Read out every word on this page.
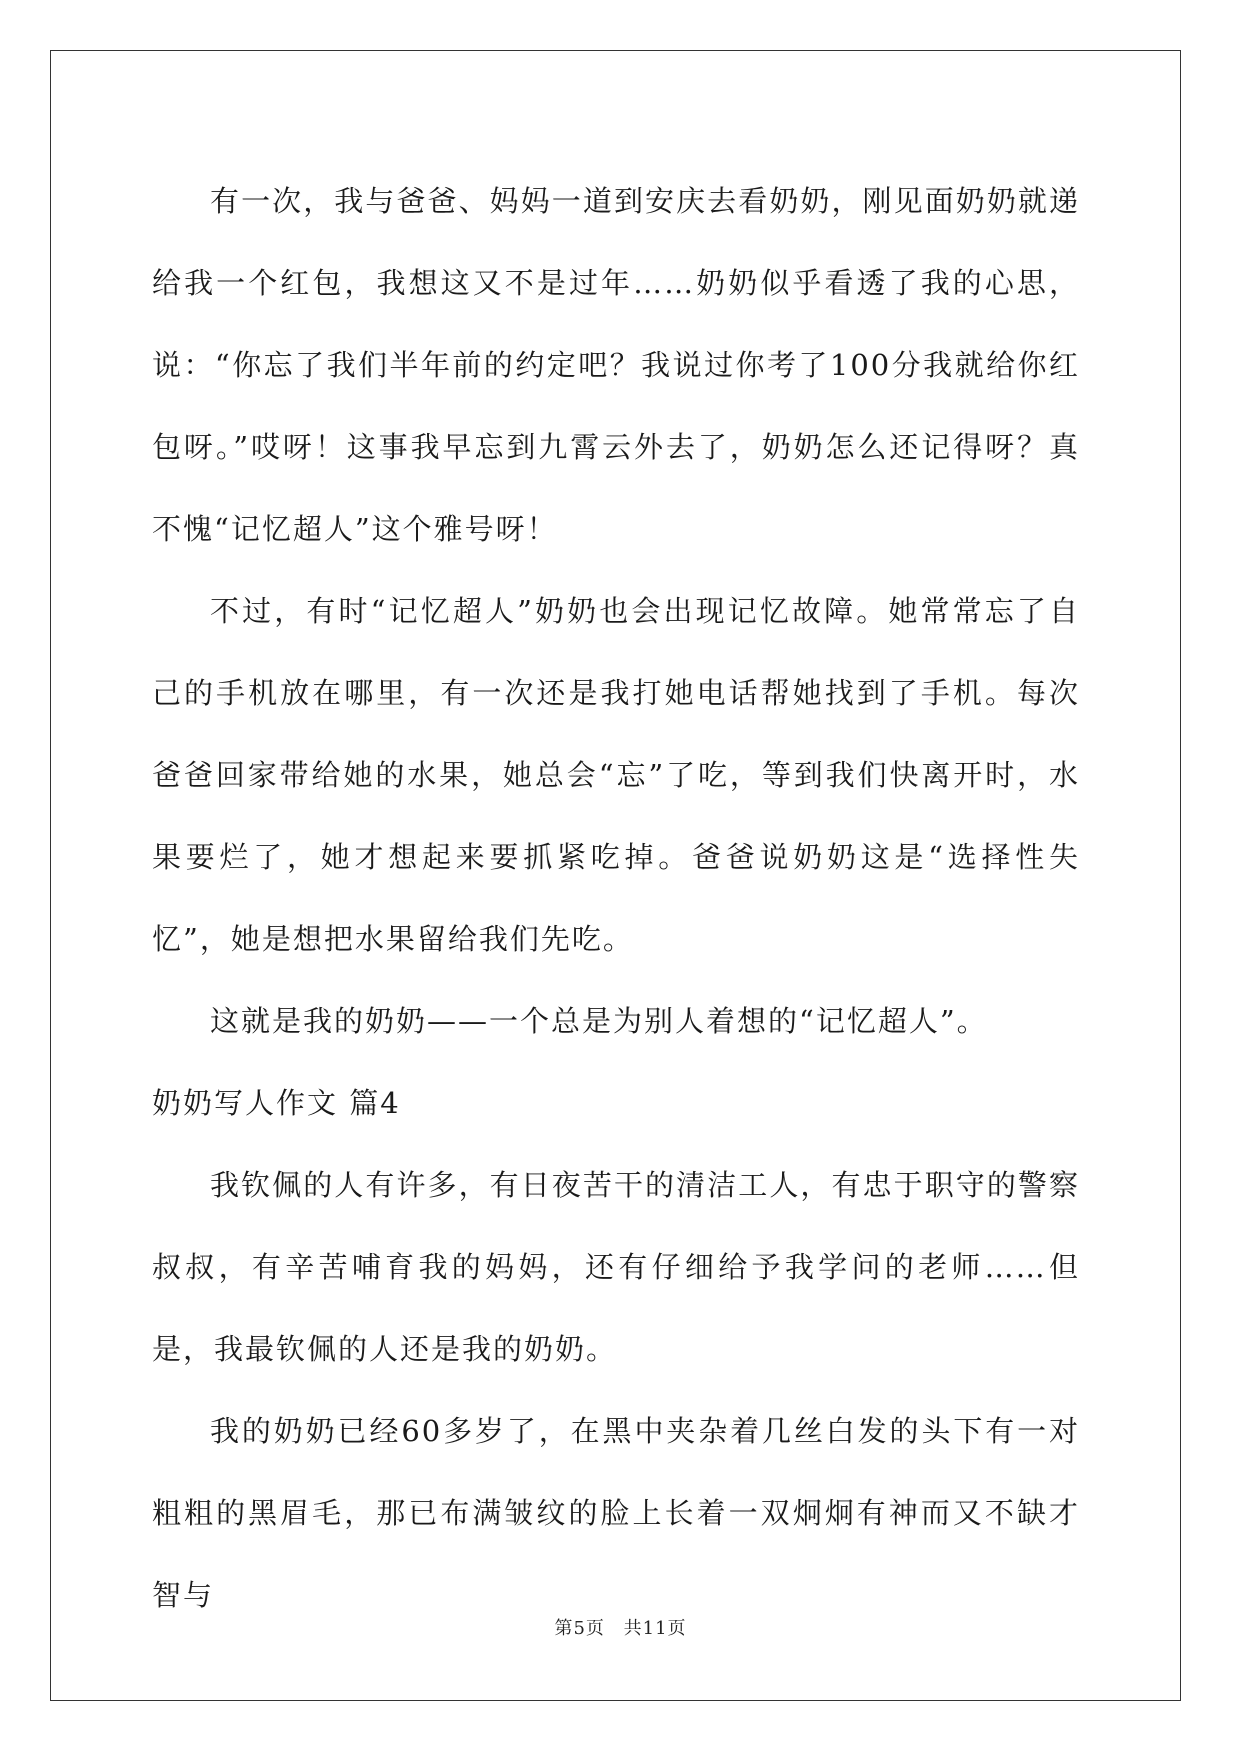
有一次，我与爸爸、妈妈一道到安庆去看奶奶，刚见面奶奶就递给我一个红包，我想这又不是过年……奶奶似乎看透了我的心思，说：“你忘了我们半年前的约定吧？我说过你考了100分我就给你红包呀。”哎呀！这事我早忘到九霄云外去了，奶奶怎么还记得呀？真不愧“记忆超人”这个雅号呀！

不过，有时“记忆超人”奶奶也会出现记忆故障。她常常忘了自己的手机放在哪里，有一次还是我打她电话帮她找到了手机。每次爸爸回家带给她的水果，她总会“忘”了吃，等到我们快离开时，水果要烂了，她才想起来要抓紧吃掉。爸爸说奶奶这是“选择性失忆”，她是想把水果留给我们先吃。

这就是我的奶奶——一个总是为别人着想的“记忆超人”。

奶奶写人作文 篇4

我钦佩的人有许多，有日夜苦干的清洁工人，有忠于职守的警察叔叔，有辛苦哺育我的妈妈，还有仔细给予我学问的老师……但是，我最钦佩的人还是我的奶奶。

我的奶奶已经60多岁了，在黑中夹杂着几丝白发的头下有一对粗粗的黑眉毛，那已布满皱纹的脸上长着一双炯炯有神而又不缺才智与

第5页 共11页
